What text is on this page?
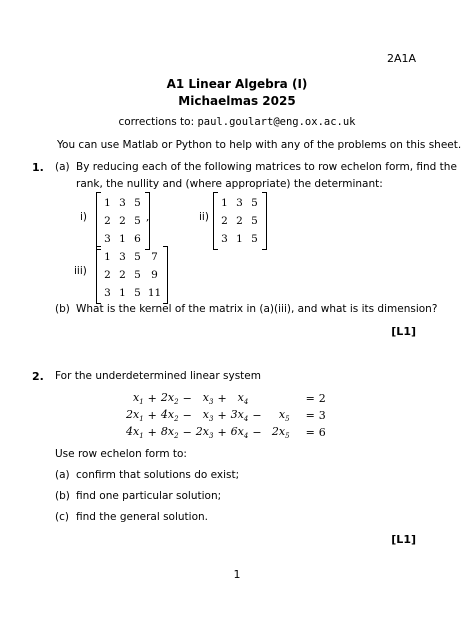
2A1A
A1 Linear Algebra (I)
Michaelmas 2025
corrections to: paul.goulart@eng.ox.ac.uk
You can use Matlab or Python to help with any of the problems on this sheet.
1. (a) By reducing each of the following matrices to row echelon form, find the
rank, the nullity and (where appropriate) the determinant:
i)
1 3 5
2 2 5
3 1 6
,	ii)
1 3 5
2 2 5
3 1 5
iii)
1 3 5 7
2 2 5 9
3 1 5 11
(b) What is the kernel of the matrix in (a)(iii), and what is its dimension?
[L1]
2. For the underdetermined linear system
$x_1$	+	$2x_2$	−	$x_3$	+	$x_4$			=	2
$2x_1$	+	$4x_2$	−	$x_3$	+	$3x_4$	−	$x_5$	=	3
$4x_1$	+	$8x_2$	−	$2x_3$	+	$6x_4$	−	$2x_5$	=	6
Use row echelon form to:
(a) confirm that solutions do exist;
(b) find one particular solution;
(c) find the general solution.
[L1]
1
